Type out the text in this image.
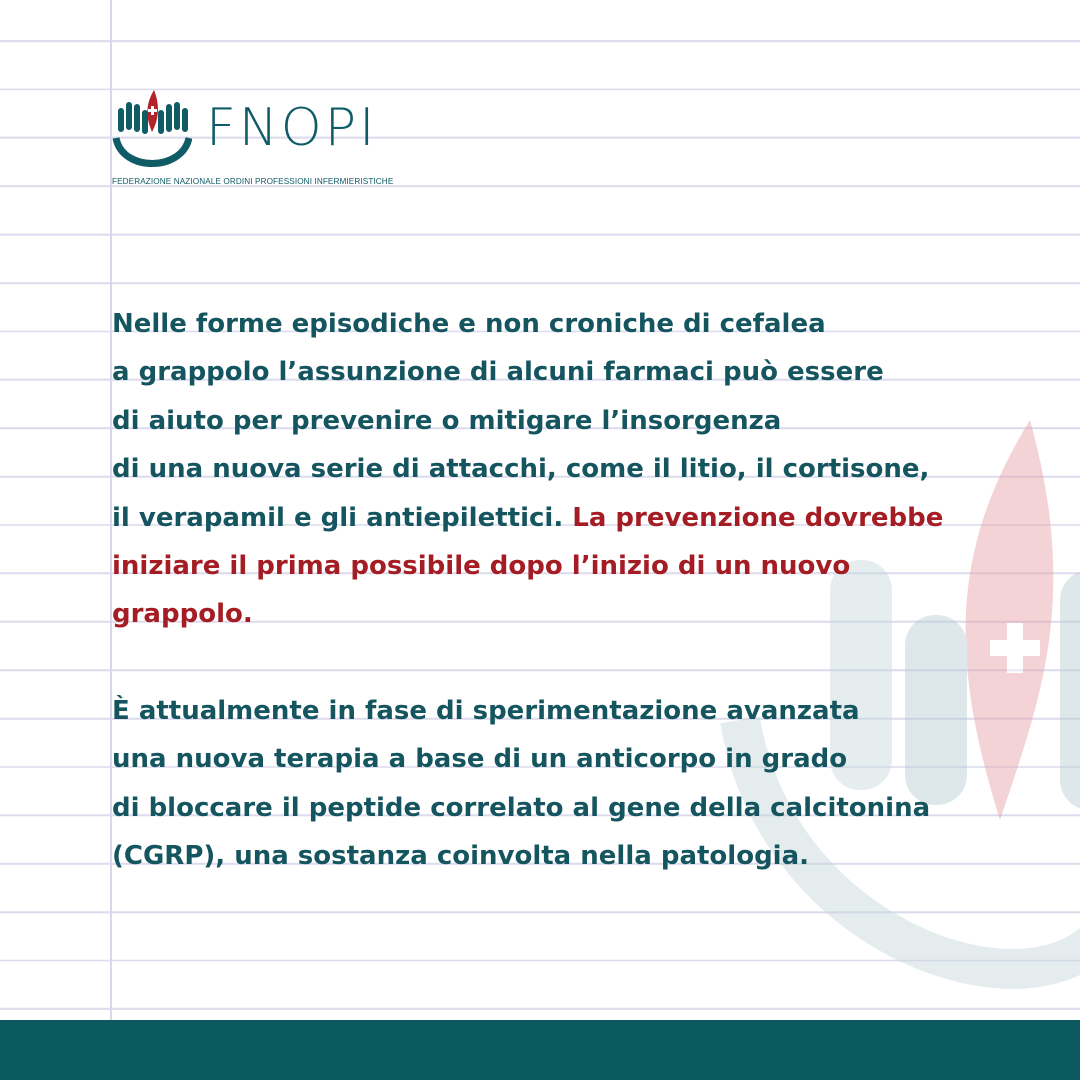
FNOPI
FEDERAZIONE NAZIONALE ORDINI PROFESSIONI INFERMIERISTICHE

Nelle forme episodiche e non croniche di cefalea
a grappolo l’assunzione di alcuni farmaci può essere
di aiuto per prevenire o mitigare l’insorgenza
di una nuova serie di attacchi, come il litio, il cortisone,
il verapamil e gli antiepilettici. La prevenzione dovrebbe
iniziare il prima possibile dopo l’inizio di un nuovo
grappolo.

È attualmente in fase di sperimentazione avanzata
una nuova terapia a base di un anticorpo in grado
di bloccare il peptide correlato al gene della calcitonina
(CGRP), una sostanza coinvolta nella patologia.
